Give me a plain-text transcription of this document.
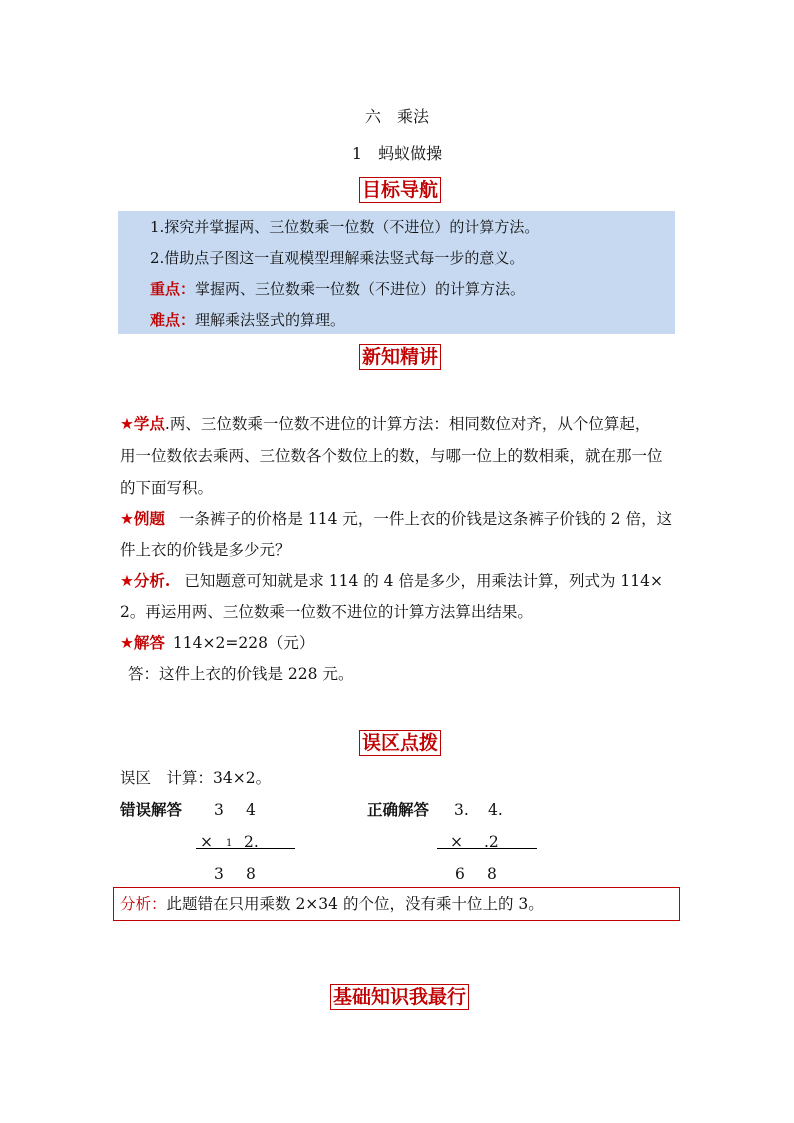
六　乘法
1　蚂蚁做操
目标导航
1.探究并掌握两、三位数乘一位数（不进位）的计算方法。
2.借助点子图这一直观模型理解乘法竖式每一步的意义。
重点：掌握两、三位数乘一位数（不进位）的计算方法。
难点：理解乘法竖式的算理。
新知精讲
★学点.两、三位数乘一位数不进位的计算方法：相同数位对齐，从个位算起，
用一位数依去乘两、三位数各个数位上的数，与哪一位上的数相乘，就在那一位
的下面写积。
★例题 一条裤子的价格是 114 元，一件上衣的价钱是这条裤子价钱的 2 倍，这
件上衣的价钱是多少元？
★分析. 已知题意可知就是求 114 的 4 倍是多少，用乘法计算，列式为 114×
2。再运用两、三位数乘一位数不进位的计算方法算出结果。
★解答 114×2=228（元）
答：这件上衣的价钱是 228 元。
误区点拨
误区　计算：34×2。
错误解答 3 4
× 1 2.
3 8
正确解答 3. 4.
× .2
6 8
分析：此题错在只用乘数 2×34 的个位，没有乘十位上的 3。
基础知识我最行
